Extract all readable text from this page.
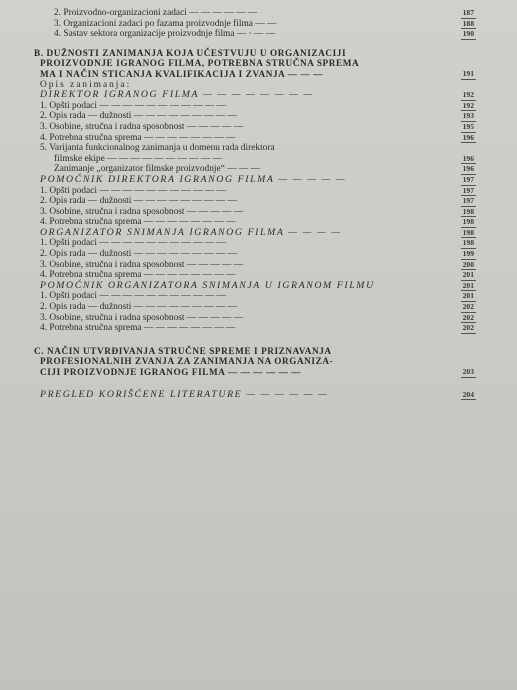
2. Proizvodno-organizacioni zadaci — — — — — —	187
3. Organizacioni zadaci po fazama proizvodnje filma — —	188
4. Sastav sektora organizacije proizvodnje filma — · — —	190
B. DUŽNOSTI ZANIMANJA KOJA UČESTVUJU U ORGANIZACIJI
PROIZVODNJE IGRANOG FILMA, POTREBNA STRUČNA SPREMA
MA I NAČIN STICANJA KVALIFIKACIJA I ZVANJA — — —	191
Opis zanimanja:
DIREKTOR IGRANOG FILMA — — — — — — — —	192
1. Opšti podaci — — — — — — — — — — —	192
2. Opis rada — dužnosti — — — — — — — — —	193
3. Osobine, stručna i radna sposobnost — — — — —	195
4. Potrebna stručna sprema — — — — — — — —	196
5. Varijanta funkcionalnog zanimanja u domenu rada direktora
filmske ekipe — — — — — — — — — —	196
Zanimanje „organizator filmske proizvodnje“ — — —	196
POMOĆNIK DIREKTORA IGRANOG FILMA — — — — —	197
1. Opšti podaci — — — — — — — — — — —	197
2. Opis rada — dužnosti — — — — — — — — —	197
3. Osobine, stručna i radna sposobnost — — — — —	198
4. Potrebna stručna sprema — — — — — — — —	198
ORGANIZATOR SNIMANJA IGRANOG FILMA — — — —	198
1. Opšti podaci — — — — — — — — — — —	198
2. Opis rada — dužnosti — — — — — — — — —	199
3. Osobine, stručna i radna sposobnost — — — — —	200
4. Potrebna stručna sprema — — — — — — — —	201
POMOĆNIK ORGANIZATORA SNIMANJA U IGRANOM FILMU	201
1. Opšti podaci — — — — — — — — — — —	201
2. Opis rada — dužnosti — — — — — — — — —	202
3. Osobine, stručna i radna sposobnost — — — — —	202
4. Potrebna stručna sprema — — — — — — — —	202
C. NAČIN UTVRĐIVANJA STRUČNE SPREME I PRIZNAVANJA
PROFESIONALNIH ZVANJA ZA ZANIMANJA NA ORGANIZA-
CIJI PROIZVODNJE IGRANOG FILMA — — — — — —	203
PREGLED KORIŠĆENE LITERATURE — — — — — —	204
